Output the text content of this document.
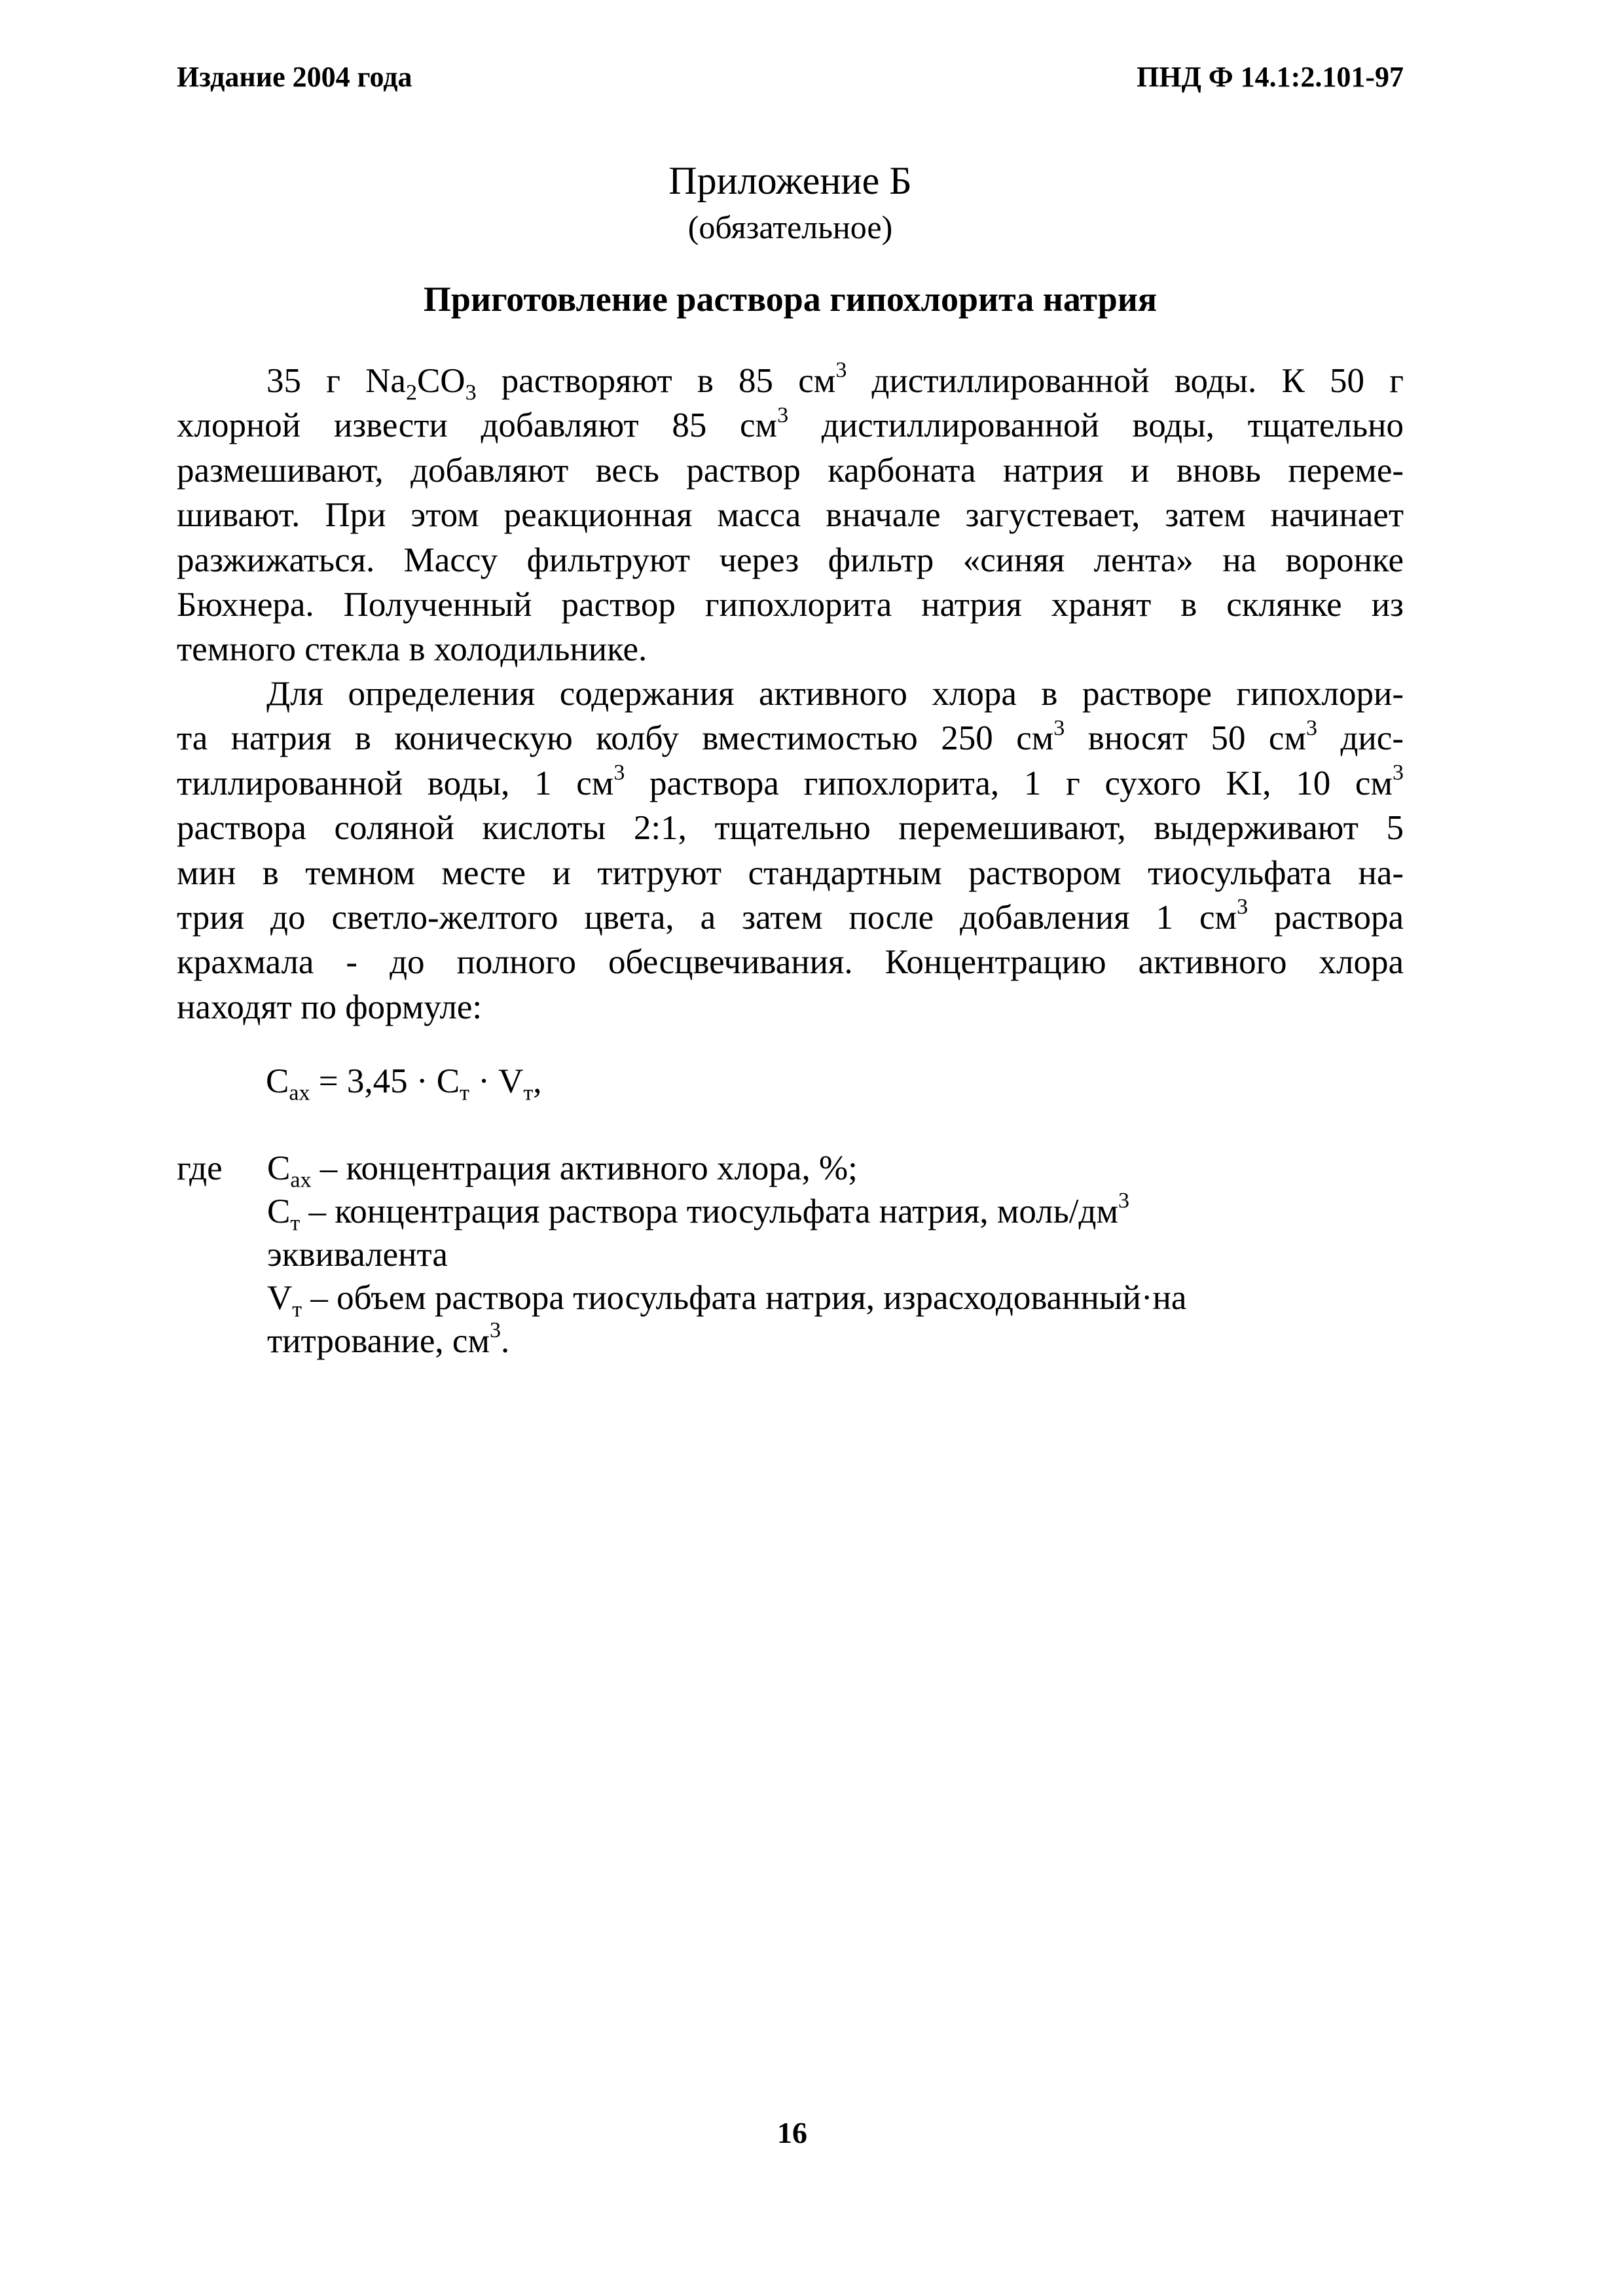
Издание 2004 года	ПНД Ф 14.1:2.101-97
Приложение Б
(обязательное)
Приготовление раствора гипохлорита натрия
35 г $Na_2CO_3$ растворяют в 85 $см^3$ дистиллированной воды. К 50 г
хлорной извести добавляют 85 $см^3$ дистиллированной воды, тщательно
размешивают, добавляют весь раствор карбоната натрия и вновь переме-
шивают. При этом реакционная масса вначале загустевает, затем начинает
разжижаться. Массу фильтруют через фильтр «синяя лента» на воронке
Бюхнера. Полученный раствор гипохлорита натрия хранят в склянке из
темного стекла в холодильнике.
Для определения содержания активного хлора в растворе гипохлори-
та натрия в коническую колбу вместимостью 250 $см^3$ вносят 50 $см^3$ дис-
тиллированной воды, 1 $см^3$ раствора гипохлорита, 1 г сухого KI, 10 $см^3$
раствора соляной кислоты 2:1, тщательно перемешивают, выдерживают 5
мин в темном месте и титруют стандартным раствором тиосульфата на-
трия до светло-желтого цвета, а затем после добавления 1 $см^3$ раствора
крахмала - до полного обесцвечивания. Концентрацию активного хлора
находят по формуле:
$C_{ах} = 3,45 \cdot C_т \cdot V_т$,
где $C_{ах}$ – концентрация активного хлора, %;
$C_т$ – концентрация раствора тиосульфата натрия, моль/$дм^3$
эквивалента
$V_т$ – объем раствора тиосульфата натрия, израсходованный·на
титрование, $см^3$.
16
